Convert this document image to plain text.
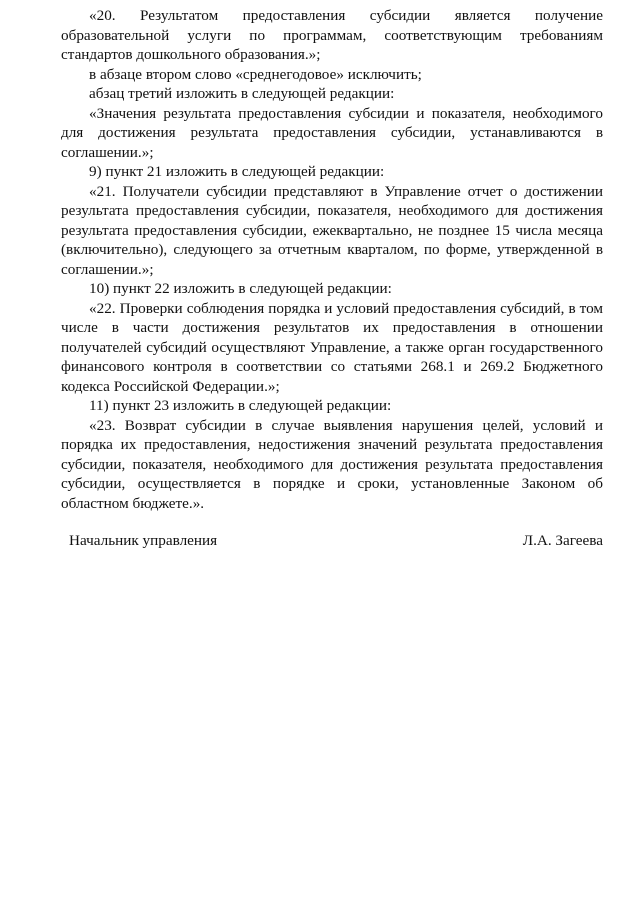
«20. Результатом предоставления субсидии является получение образовательной услуги по программам, соответствующим требованиям стандартов дошкольного образования.»;

в абзаце втором слово «среднегодовое» исключить;

абзац третий изложить в следующей редакции:

«Значения результата предоставления субсидии и показателя, необходимого для достижения результата предоставления субсидии, устанавливаются в соглашении.»;

9) пункт 21 изложить в следующей редакции:

«21. Получатели субсидии представляют в Управление отчет о достижении результата предоставления субсидии, показателя, необходимого для достижения результата предоставления субсидии, ежеквартально, не позднее 15 числа месяца (включительно), следующего за отчетным кварталом, по форме, утвержденной в соглашении.»;

10) пункт 22 изложить в следующей редакции:

«22. Проверки соблюдения порядка и условий предоставления субсидий, в том числе в части достижения результатов их предоставления в отношении получателей субсидий осуществляют Управление, а также орган государственного финансового контроля в соответствии со статьями 268.1 и 269.2 Бюджетного кодекса Российской Федерации.»;

11) пункт 23 изложить в следующей редакции:

«23. Возврат субсидии в случае выявления нарушения целей, условий и порядка их предоставления, недостижения значений результата предоставления субсидии, показателя, необходимого для достижения результата предоставления субсидии, осуществляется в порядке и сроки, установленные Законом об областном бюджете.».

Начальник управления	Л.А. Загеева
